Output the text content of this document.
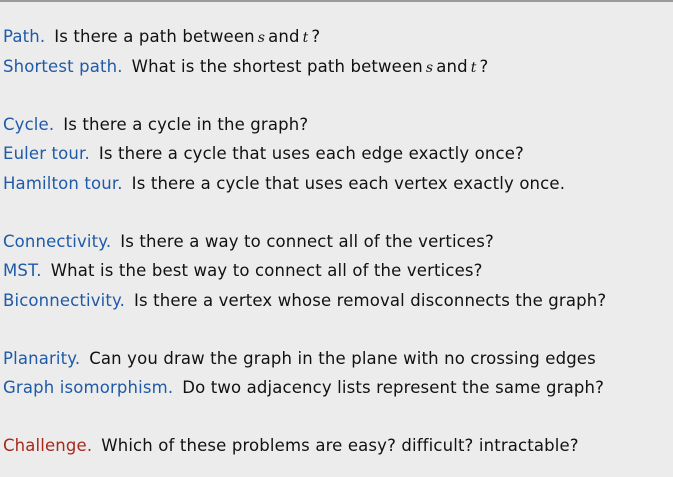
Path. Is there a path between s and t ?
Shortest path. What is the shortest path between s and t ?
Cycle. Is there a cycle in the graph?
Euler tour. Is there a cycle that uses each edge exactly once?
Hamilton tour. Is there a cycle that uses each vertex exactly once.
Connectivity. Is there a way to connect all of the vertices?
MST. What is the best way to connect all of the vertices?
Biconnectivity. Is there a vertex whose removal disconnects the graph?
Planarity. Can you draw the graph in the plane with no crossing edges
Graph isomorphism. Do two adjacency lists represent the same graph?
Challenge. Which of these problems are easy? difficult? intractable?
